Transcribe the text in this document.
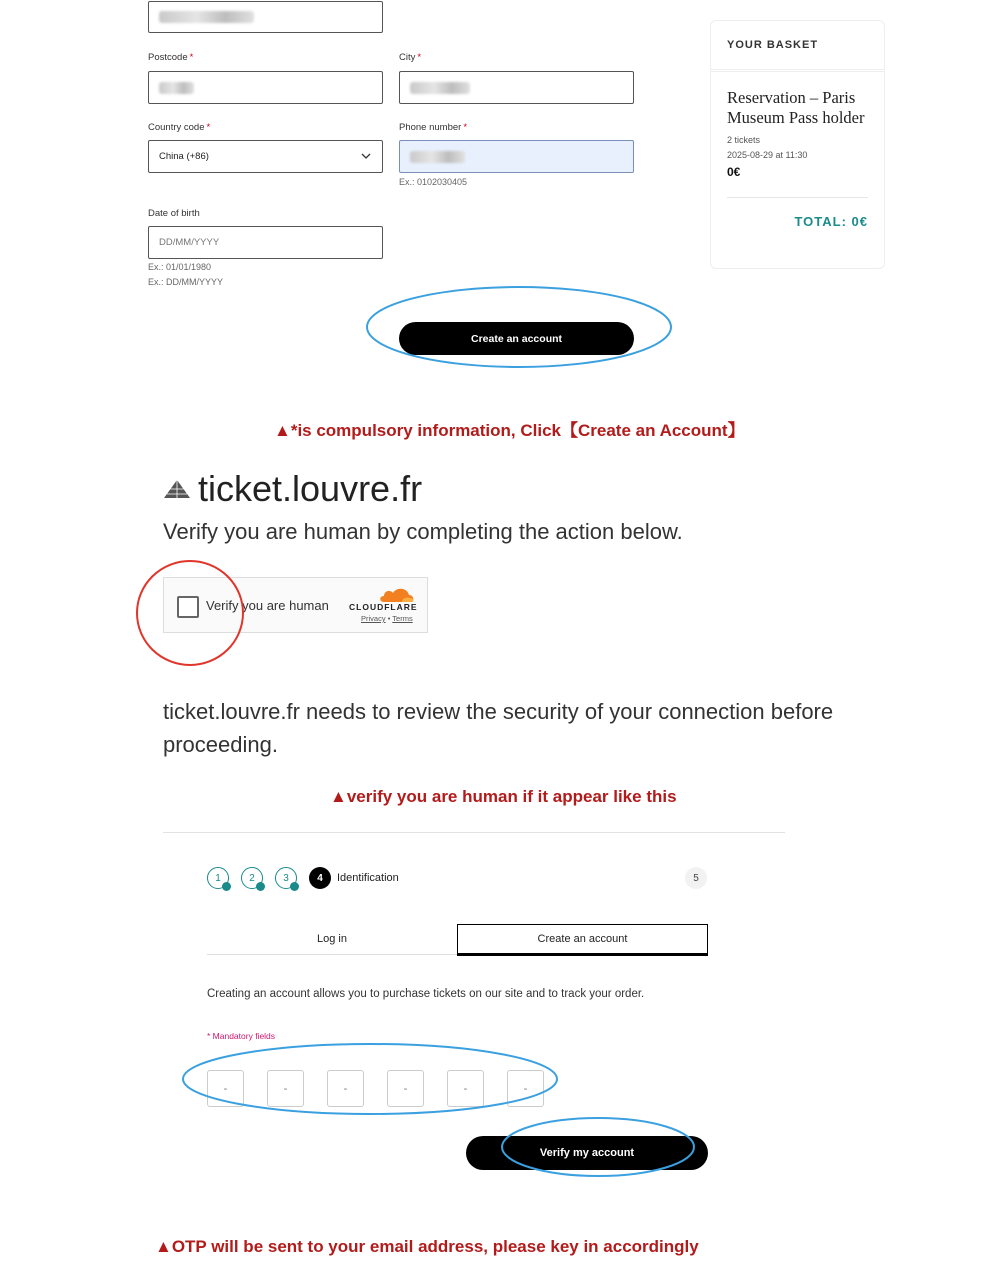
Postcode *	City *
Country code *
China (+86)
Phone number *
Ex.: 0102030405
Date of birth
DD/MM/YYYY
Ex.: 01/01/1980
Ex.: DD/MM/YYYY
Create an account
YOUR BASKET
Reservation – Paris Museum Pass holder
2 tickets
2025-08-29 at 11:30
0€
TOTAL: 0€
▲*is compulsory information, Click【Create an Account】
ticket.louvre.fr
Verify you are human by completing the action below.
Verify you are human CLOUDFLARE
Privacy • Terms
ticket.louvre.fr needs to review the security of your connection before proceeding.
▲verify you are human if it appear like this
1	2	3	4	Identification	5
Log in	Create an account
Creating an account allows you to purchase tickets on our site and to track your order.
* Mandatory fields
-
-
-
-
-
-
Verify my account
▲OTP will be sent to your email address, please key in accordingly
